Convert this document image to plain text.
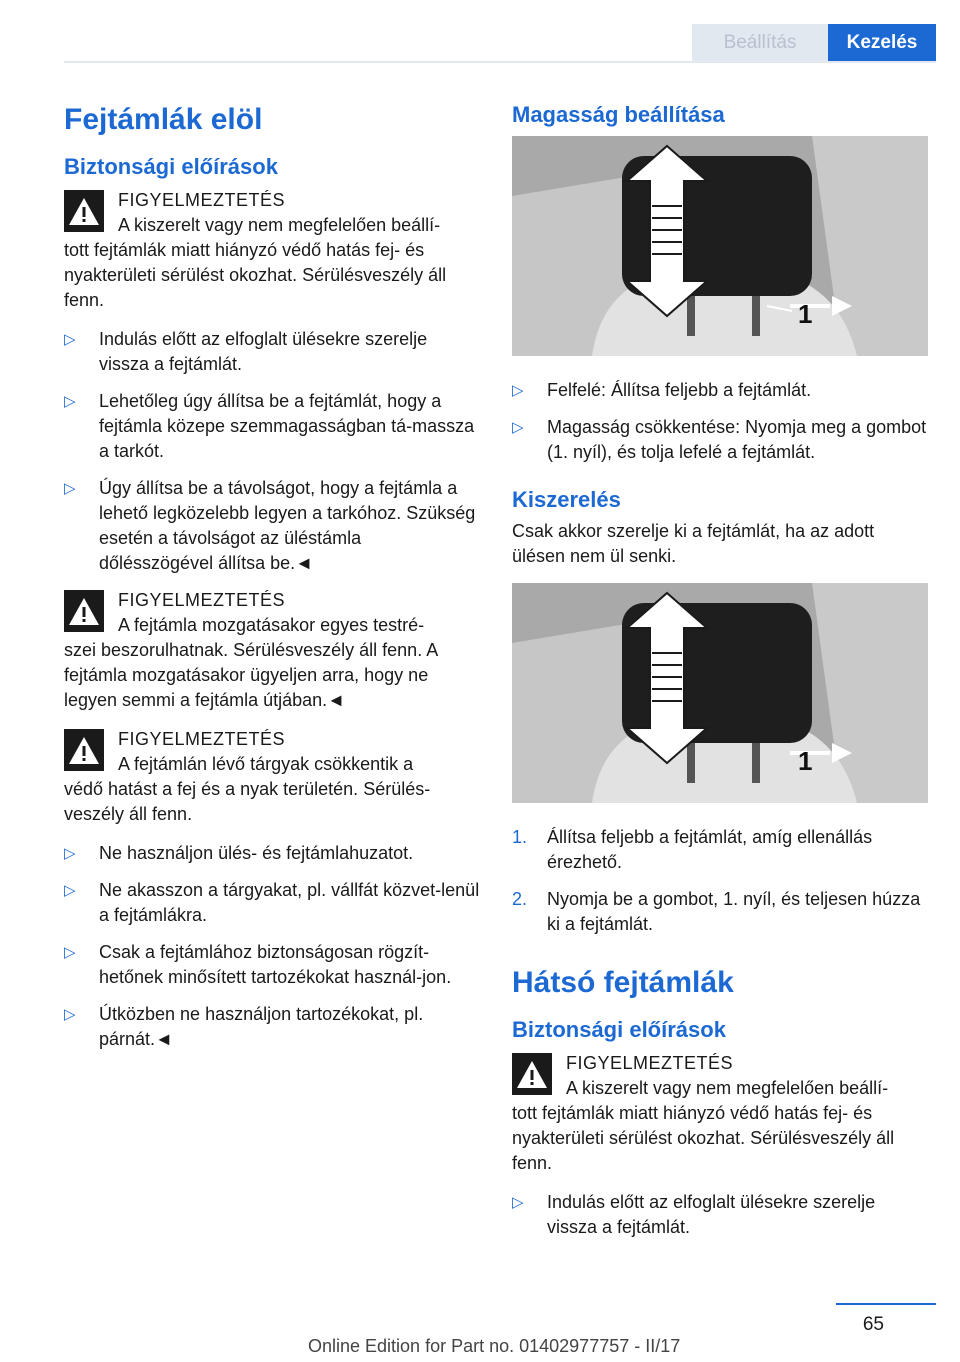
Beállítás	Kezelés
Fejtámlák elöl
Biztonsági előírások
FIGYELMEZTETÉS
A kiszerelt vagy nem megfelelően beállí-
tott fejtámlák miatt hiányzó védő hatás fej- és nyakterületi sérülést okozhat. Sérülésveszély áll fenn.
▷	Indulás előtt az elfoglalt ülésekre szerelje vissza a fejtámlát.
▷	Lehetőleg úgy állítsa be a fejtámlát, hogy a fejtámla közepe szemmagasságban tá-massza a tarkót.
▷	Úgy állítsa be a távolságot, hogy a fejtámla a lehető legközelebb legyen a tarkóhoz. Szükség esetén a távolságot az üléstámla dőlésszögével állítsa be.◄
FIGYELMEZTETÉS
A fejtámla mozgatásakor egyes testré-
szei beszorulhatnak. Sérülésveszély áll fenn. A fejtámla mozgatásakor ügyeljen arra, hogy ne legyen semmi a fejtámla útjában.◄
FIGYELMEZTETÉS
A fejtámlán lévő tárgyak csökkentik a
védő hatást a fej és a nyak területén. Sérülés-veszély áll fenn.
▷	Ne használjon ülés- és fejtámlahuzatot.
▷	Ne akasszon a tárgyakat, pl. vállfát közvet-lenül a fejtámlákra.
▷	Csak a fejtámlához biztonságosan rögzít-hetőnek minősített tartozékokat használ-jon.
▷	Útközben ne használjon tartozékokat, pl. párnát.◄
Magasság beállítása
1
▷	Felfelé: Állítsa feljebb a fejtámlát.
▷	Magasság csökkentése: Nyomja meg a gombot (1. nyíl), és tolja lefelé a fejtámlát.
Kiszerelés
Csak akkor szerelje ki a fejtámlát, ha az adott ülésen nem ül senki.
1
1.	Állítsa feljebb a fejtámlát, amíg ellenállás érezhető.
2.	Nyomja be a gombot, 1. nyíl, és teljesen húzza ki a fejtámlát.
Hátsó fejtámlák
Biztonsági előírások
FIGYELMEZTETÉS
A kiszerelt vagy nem megfelelően beállí-
tott fejtámlák miatt hiányzó védő hatás fej- és nyakterületi sérülést okozhat. Sérülésveszély áll fenn.
▷	Indulás előtt az elfoglalt ülésekre szerelje vissza a fejtámlát.
65
Online Edition for Part no. 01402977757 - II/17
